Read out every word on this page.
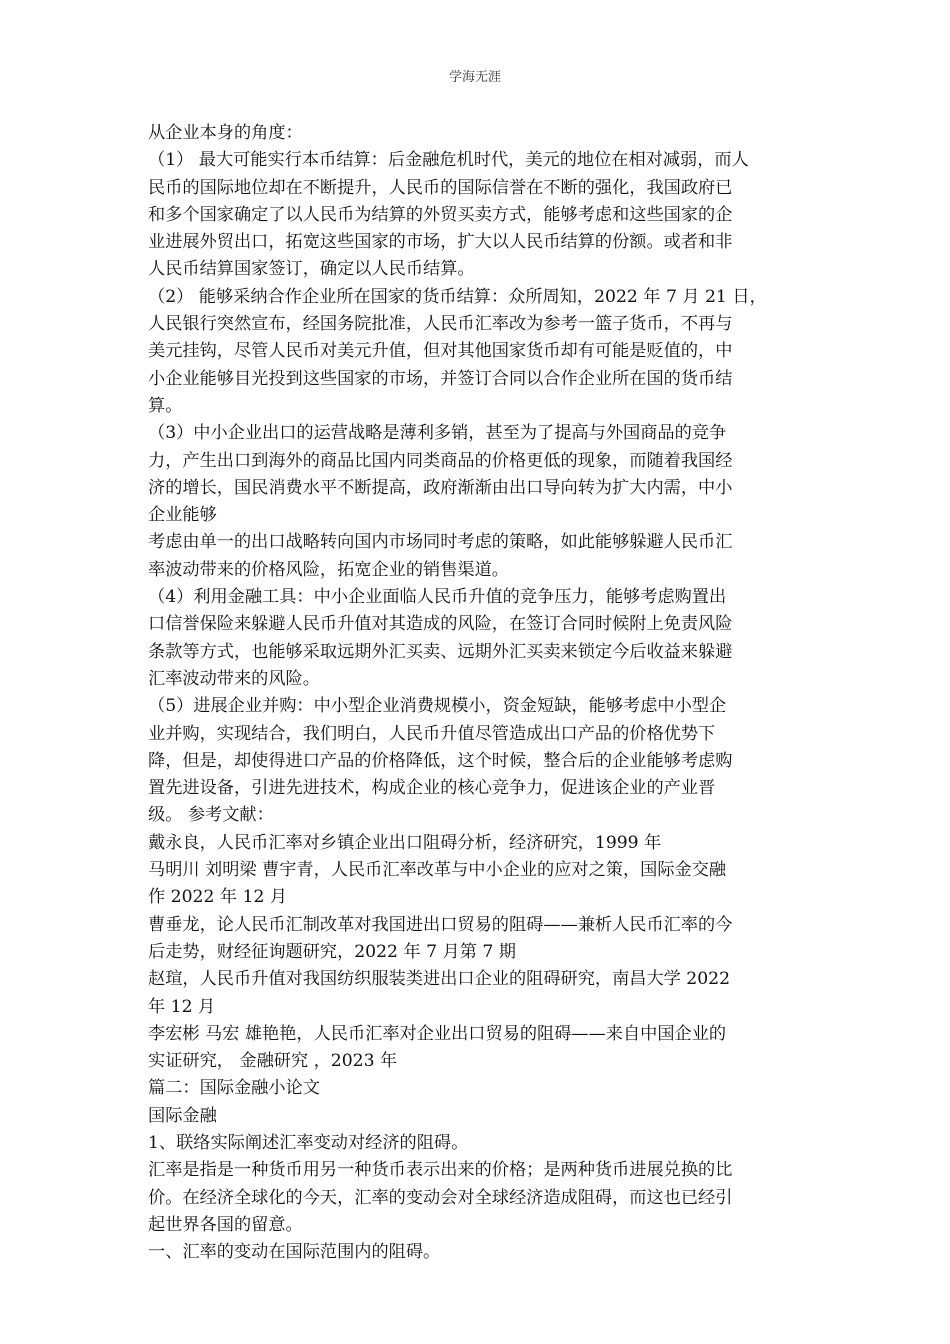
学海无涯
从企业本身的角度：
（1） 最大可能实行本币结算：后金融危机时代，美元的地位在相对减弱，而人
民币的国际地位却在不断提升，人民币的国际信誉在不断的强化，我国政府已
和多个国家确定了以人民币为结算的外贸买卖方式，能够考虑和这些国家的企
业进展外贸出口，拓宽这些国家的市场，扩大以人民币结算的份额。或者和非
人民币结算国家签订，确定以人民币结算。
（2） 能够采纳合作企业所在国家的货币结算：众所周知，2022 年 7 月 21 日，
人民银行突然宣布，经国务院批准，人民币汇率改为参考一篮子货币，不再与
美元挂钩，尽管人民币对美元升值，但对其他国家货币却有可能是贬值的，中
小企业能够目光投到这些国家的市场，并签订合同以合作企业所在国的货币结
算。
（3）中小企业出口的运营战略是薄利多销，甚至为了提高与外国商品的竞争
力，产生出口到海外的商品比国内同类商品的价格更低的现象，而随着我国经
济的增长，国民消费水平不断提高，政府渐渐由出口导向转为扩大内需，中小
企业能够
考虑由单一的出口战略转向国内市场同时考虑的策略，如此能够躲避人民币汇
率波动带来的价格风险，拓宽企业的销售渠道。
（4）利用金融工具：中小企业面临人民币升值的竞争压力，能够考虑购置出
口信誉保险来躲避人民币升值对其造成的风险，在签订合同时候附上免责风险
条款等方式，也能够采取远期外汇买卖、远期外汇买卖来锁定今后收益来躲避
汇率波动带来的风险。
（5）进展企业并购：中小型企业消费规模小，资金短缺，能够考虑中小型企
业并购，实现结合，我们明白，人民币升值尽管造成出口产品的价格优势下
降，但是，却使得进口产品的价格降低，这个时候，整合后的企业能够考虑购
置先进设备，引进先进技术，构成企业的核心竞争力，促进该企业的产业晋
级。 参考文献：
戴永良，人民币汇率对乡镇企业出口阻碍分析，经济研究，1999 年
马明川 刘明梁 曹宇青，人民币汇率改革与中小企业的应对之策，国际金交融
作 2022 年 12 月
曹垂龙，论人民币汇制改革对我国进出口贸易的阻碍——兼析人民币汇率的今
后走势，财经征询题研究，2022 年 7 月第 7 期
赵瑄，人民币升值对我国纺织服装类进出口企业的阻碍研究，南昌大学 2022
年 12 月
李宏彬 马宏 雄艳艳，人民币汇率对企业出口贸易的阻碍——来自中国企业的
实证研究， 金融研究 ，2023 年
篇二：国际金融小论文
国际金融
1、联络实际阐述汇率变动对经济的阻碍。
汇率是指是一种货币用另一种货币表示出来的价格；是两种货币进展兑换的比
价。在经济全球化的今天，汇率的变动会对全球经济造成阻碍，而这也已经引
起世界各国的留意。
一、汇率的变动在国际范围内的阻碍。
